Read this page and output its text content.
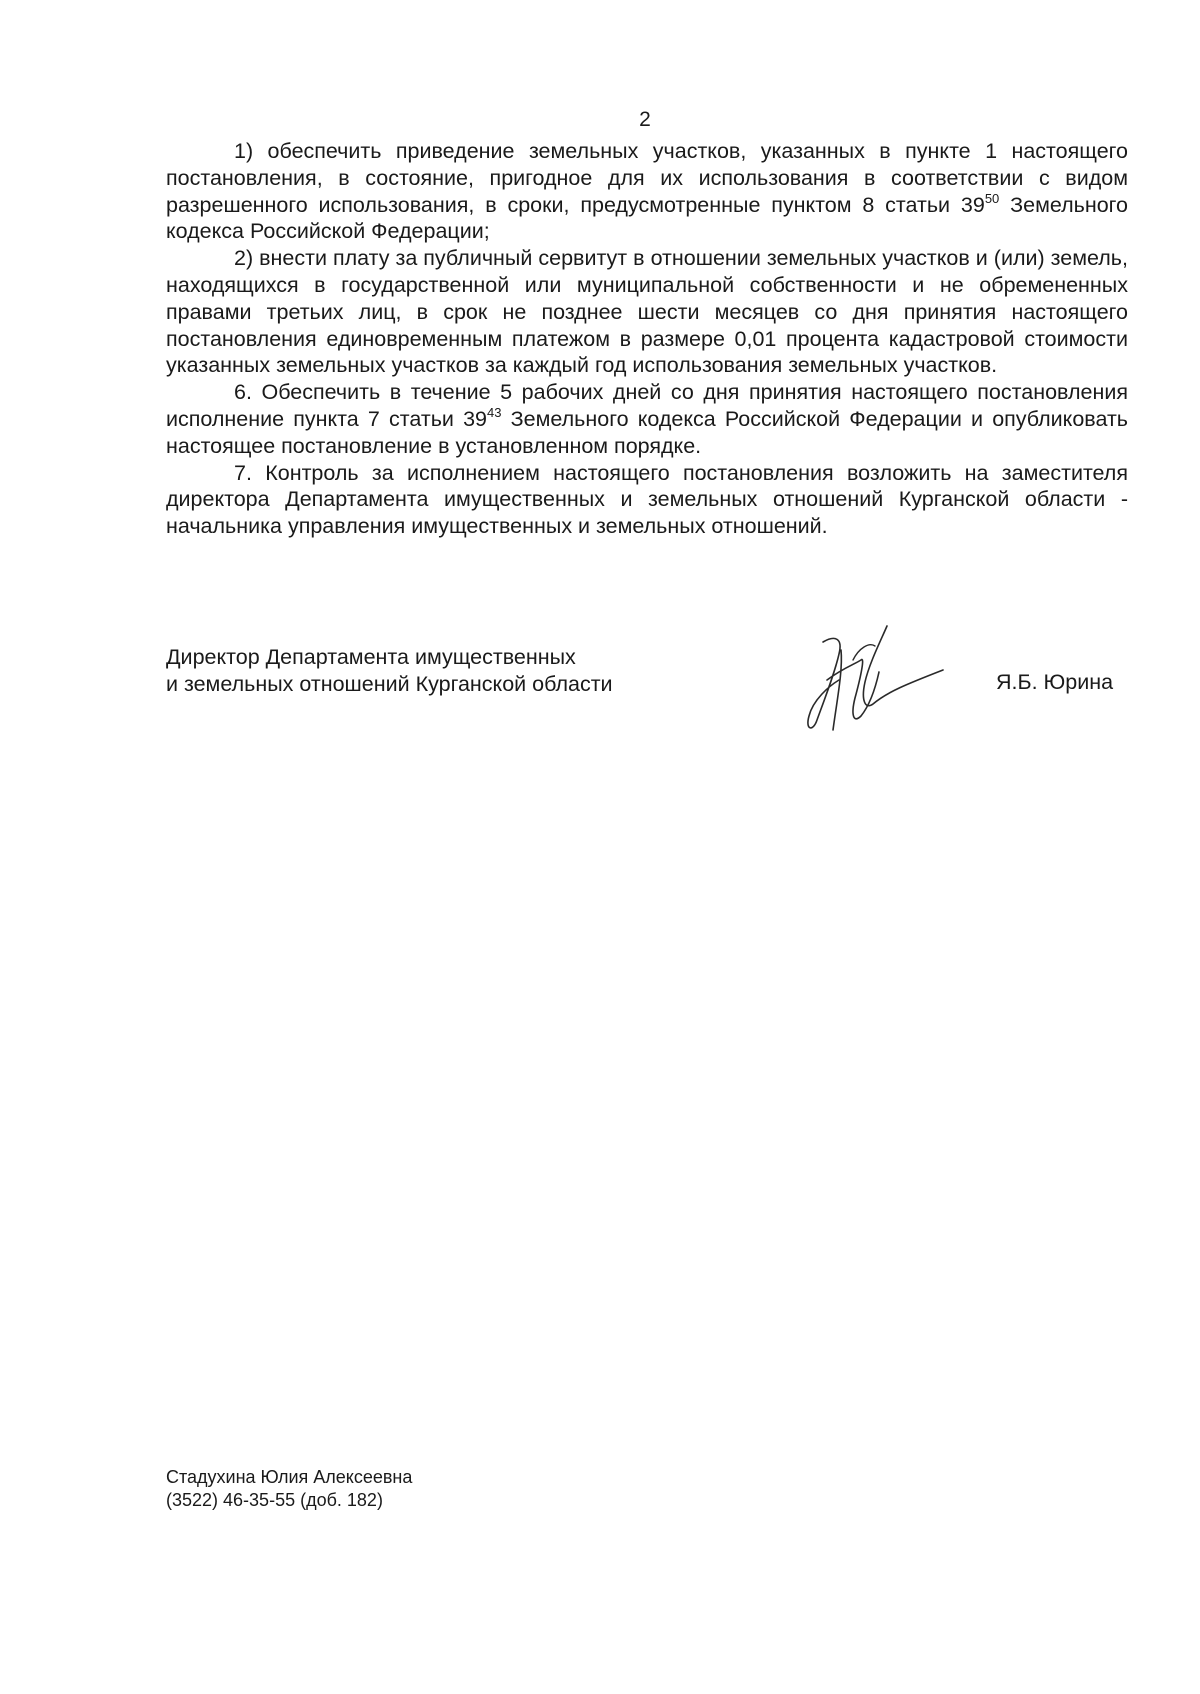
2

1) обеспечить приведение земельных участков, указанных в пункте 1 настоящего постановления, в состояние, пригодное для их использования в соответствии с видом разрешенного использования, в сроки, предусмотренные пунктом 8 статьи $39^{50}$ Земельного кодекса Российской Федерации;

2) внести плату за публичный сервитут в отношении земельных участков и (или) земель, находящихся в государственной или муниципальной собственности и не обремененных правами третьих лиц, в срок не позднее шести месяцев со дня принятия настоящего постановления единовременным платежом в размере 0,01 процента кадастровой стоимости указанных земельных участков за каждый год использования земельных участков.

6. Обеспечить в течение 5 рабочих дней со дня принятия настоящего постановления исполнение пункта 7 статьи $39^{43}$ Земельного кодекса Российской Федерации и опубликовать настоящее постановление в установленном порядке.

7. Контроль за исполнением настоящего постановления возложить на заместителя директора Департамента имущественных и земельных отношений Курганской области - начальника управления имущественных и земельных отношений.

Директор Департамента имущественных
и земельных отношений Курганской области	Я.Б. Юрина
Стадухина Юлия Алексеевна
(3522) 46-35-55 (доб. 182)
